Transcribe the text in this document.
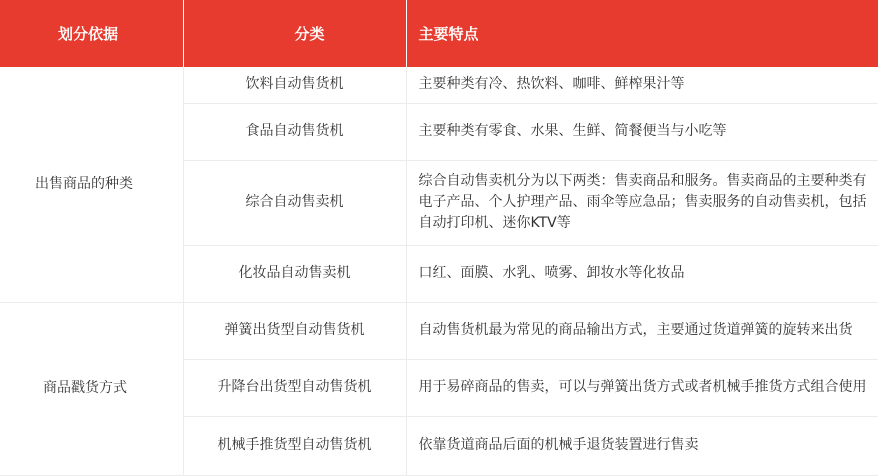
划分依据	分类	主要特点
出售商品的种类	饮料自动售货机	主要种类有冷、热饮料、咖啡、鲜榨果汁等
	食品自动售货机	主要种类有零食、水果、生鲜、简餐便当与小吃等
	综合自动售卖机	综合自动售卖机分为以下两类：售卖商品和服务。售卖商品的主要种类有电子产品、个人护理产品、雨伞等应急品；售卖服务的自动售卖机，包括自动打印机、迷你KTV等
	化妆品自动售卖机	口红、面膜、水乳、喷雾、卸妆水等化妆品
商品戳货方式	弹簧出货型自动售货机	自动售货机最为常见的商品输出方式，主要通过货道弹簧的旋转来出货
	升降台出货型自动售货机	用于易碎商品的售卖，可以与弹簧出货方式或者机械手推货方式组合使用
	机械手推货型自动售货机	依靠货道商品后面的机械手退货装置进行售卖
